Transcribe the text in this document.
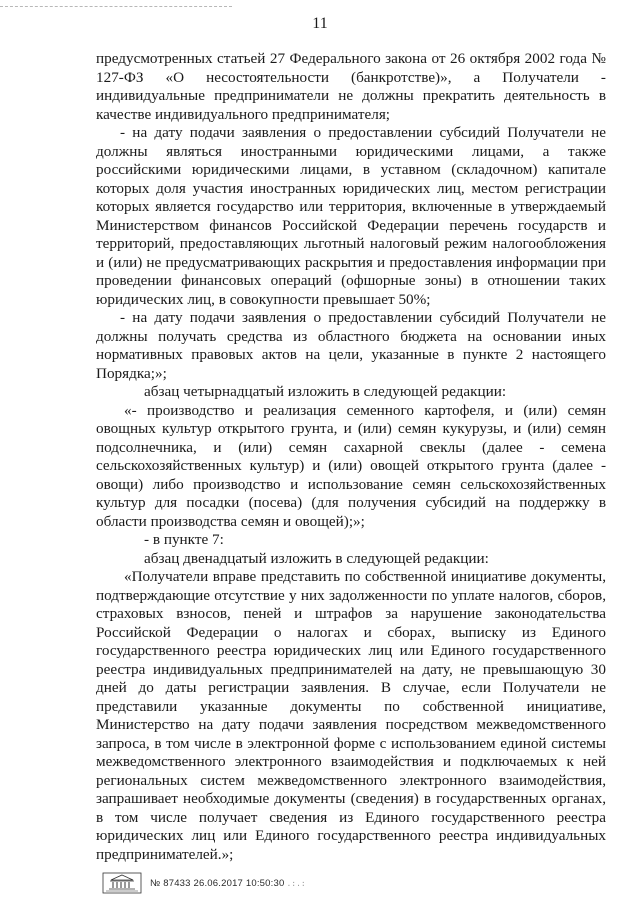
11

предусмотренных статьей 27 Федерального закона от 26 октября 2002 года № 127-ФЗ «О несостоятельности (банкротстве)», а Получатели - индивидуальные предприниматели не должны прекратить деятельность в качестве индивидуального предпринимателя;

- на дату подачи заявления о предоставлении субсидий Получатели не должны являться иностранными юридическими лицами, а также российскими юридическими лицами, в уставном (складочном) капитале которых доля участия иностранных юридических лиц, местом регистрации которых является государство или территория, включенные в утверждаемый Министерством финансов Российской Федерации перечень государств и территорий, предоставляющих льготный налоговый режим налогообложения и (или) не предусматривающих раскрытия и предоставления информации при проведении финансовых операций (офшорные зоны) в отношении таких юридических лиц, в совокупности превышает 50%;

- на дату подачи заявления о предоставлении субсидий Получатели не должны получать средства из областного бюджета на основании иных нормативных правовых актов на цели, указанные в пункте 2 настоящего Порядка;»;

абзац четырнадцатый изложить в следующей редакции:

«- производство и реализация семенного картофеля, и (или) семян овощных культур открытого грунта, и (или) семян кукурузы, и (или) семян подсолнечника, и (или) семян сахарной свеклы (далее - семена сельскохозяйственных культур) и (или) овощей открытого грунта (далее - овощи) либо производство и использование семян сельскохозяйственных культур для посадки (посева) (для получения субсидий на поддержку в области производства семян и овощей);»;

- в пункте 7:

абзац двенадцатый изложить в следующей редакции:

«Получатели вправе представить по собственной инициативе документы, подтверждающие отсутствие у них задолженности по уплате налогов, сборов, страховых взносов, пеней и штрафов за нарушение законодательства Российской Федерации о налогах и сборах, выписку из Единого государственного реестра юридических лиц или Единого государственного реестра индивидуальных предпринимателей на дату, не превышающую 30 дней до даты регистрации заявления. В случае, если Получатели не представили указанные документы по собственной инициативе, Министерство на дату подачи заявления посредством межведомственного запроса, в том числе в электронной форме с использованием единой системы межведомственного электронного взаимодействия и подключаемых к ней региональных систем межведомственного электронного взаимодействия, запрашивает необходимые документы (сведения) в государственных органах, в том числе получает сведения из Единого государственного реестра юридических лиц или Единого государственного реестра индивидуальных предпринимателей.»;

№ 87433 26.06.2017 10:50:30 .:.:
